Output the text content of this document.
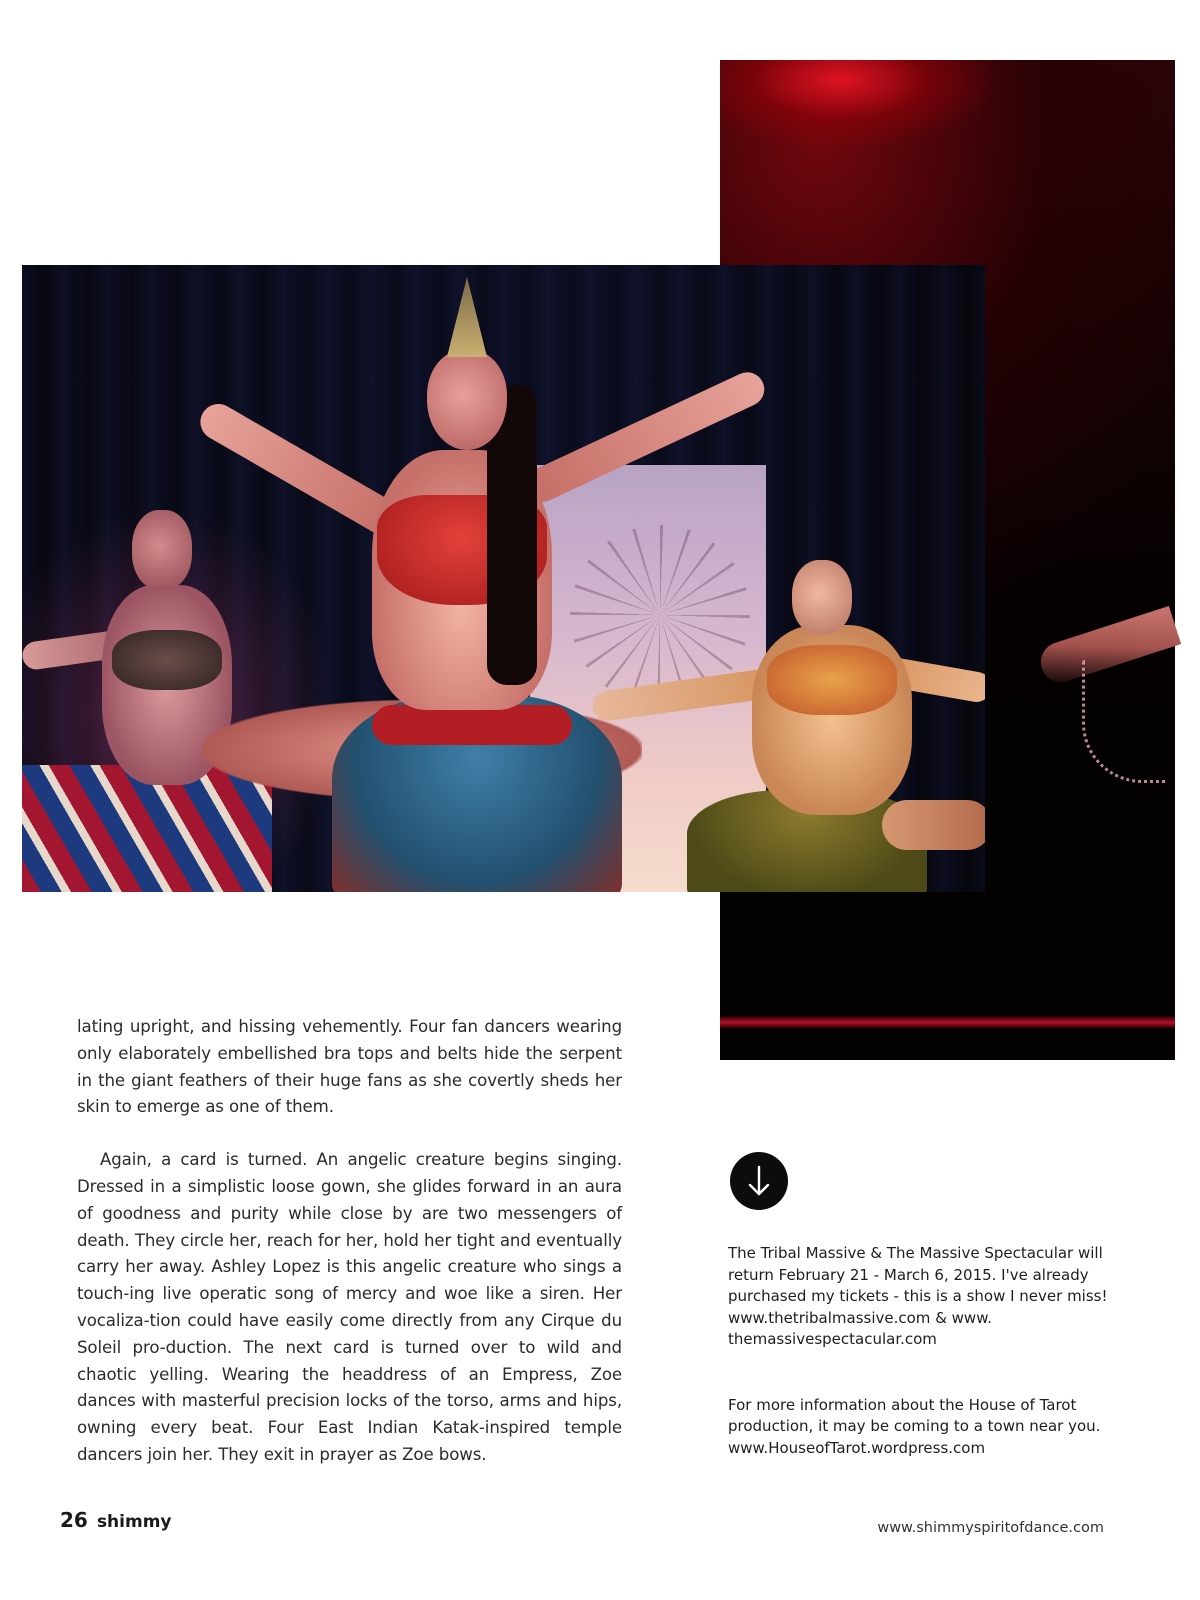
lating upright, and hissing vehemently. Four fan dancers wearing only elaborately embellished bra tops and belts hide the serpent in the giant feathers of their huge fans as she covertly sheds her skin to emerge as one of them.

Again, a card is turned. An angelic creature begins singing. Dressed in a simplistic loose gown, she glides forward in an aura of goodness and purity while close by are two messengers of death. They circle her, reach for her, hold her tight and eventually carry her away. Ashley Lopez is this angelic creature who sings a touch-ing live operatic song of mercy and woe like a siren. Her vocaliza-tion could have easily come directly from any Cirque du Soleil pro-duction. The next card is turned over to wild and chaotic yelling. Wearing the headdress of an Empress, Zoe dances with masterful precision locks of the torso, arms and hips, owning every beat. Four East Indian Katak-inspired temple dancers join her. They exit in prayer as Zoe bows.

The Tribal Massive & The Massive Spectacular will return February 21 - March 6, 2015. I've already purchased my tickets - this is a show I never miss! www.thetribalmassive.com & www. themassivespectacular.com

For more information about the House of Tarot production, it may be coming to a town near you. www.HouseofTarot.wordpress.com

26 shimmy	www.shimmyspiritofdance.com
